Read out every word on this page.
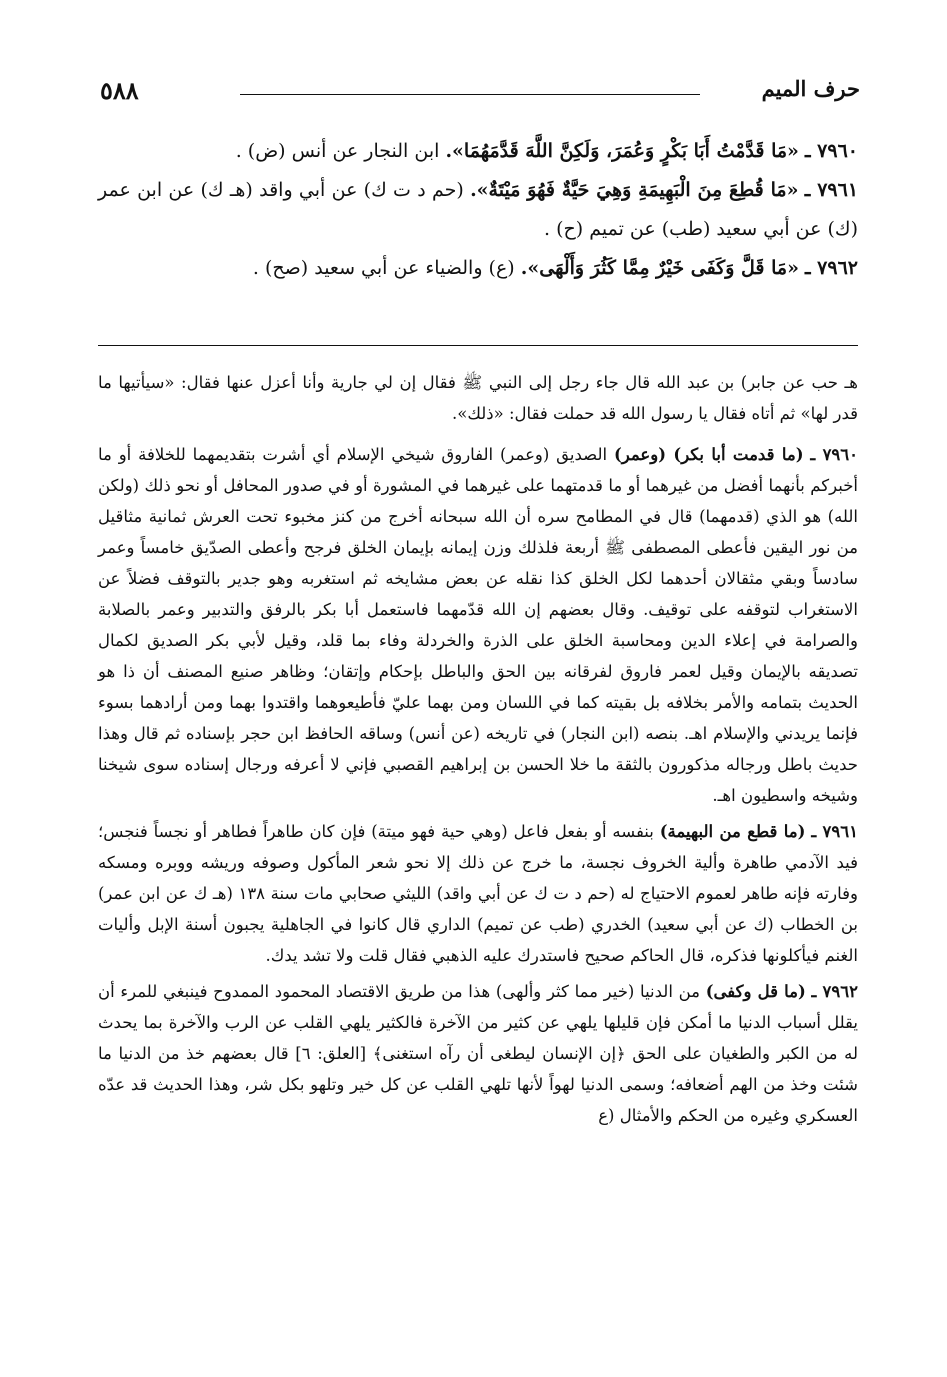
حرف الميم
٥٨٨

٧٩٦٠ ـ «مَا قَدَّمْتُ أَبَا بَكْرٍ وَعُمَرَ، وَلَكِنَّ اللَّهَ قَدَّمَهُمَا». ابن النجار عن أنس (ض) .

٧٩٦١ ـ «مَا قُطِعَ مِنَ الْبَهِيمَةِ وَهِيَ حَيَّةٌ فَهُوَ مَيْتَةٌ». (حم د ت ك) عن أبي واقد (هـ ك) عن ابن عمر (ك) عن أبي سعيد (طب) عن تميم (ح) .

٧٩٦٢ ـ «مَا قَلَّ وَكَفَى خَيْرٌ مِمَّا كَثُرَ وَأَلْهَى». (ع) والضياء عن أبي سعيد (صح) .

هـ حب عن جابر) بن عبد الله قال جاء رجل إلى النبي ﷺ فقال إن لي جارية وأنا أعزل عنها فقال: «سيأتيها ما قدر لها» ثم أتاه فقال يا رسول الله قد حملت فقال: «ذلك».

٧٩٦٠ ـ (ما قدمت أبا بكر) (وعمر) الصديق (وعمر) الفاروق شيخي الإسلام أي أشرت بتقديمهما للخلافة أو ما أخبركم بأنهما أفضل من غيرهما أو ما قدمتهما على غيرهما في المشورة أو في صدور المحافل أو نحو ذلك (ولكن الله) هو الذي (قدمهما) قال في المطامح سره أن الله سبحانه أخرج من كنز مخبوء تحت العرش ثمانية مثاقيل من نور اليقين فأعطى المصطفى ﷺ أربعة فلذلك وزن إيمانه بإيمان الخلق فرجح وأعطى الصدّيق خامساً وعمر سادساً وبقي مثقالان أحدهما لكل الخلق كذا نقله عن بعض مشايخه ثم استغربه وهو جدير بالتوقف فضلاً عن الاستغراب لتوقفه على توقيف. وقال بعضهم إن الله قدّمهما فاستعمل أبا بكر بالرفق والتدبير وعمر بالصلابة والصرامة في إعلاء الدين ومحاسبة الخلق على الذرة والخردلة وفاء بما قلد، وقيل لأبي بكر الصديق لكمال تصديقه بالإيمان وقيل لعمر فاروق لفرقانه بين الحق والباطل بإحكام وإتقان؛ وظاهر صنيع المصنف أن ذا هو الحديث بتمامه والأمر بخلافه بل بقيته كما في اللسان ومن بهما عليّ فأطيعوهما واقتدوا بهما ومن أرادهما بسوء فإنما يريدني والإسلام اهـ. بنصه (ابن النجار) في تاريخه (عن أنس) وساقه الحافظ ابن حجر بإسناده ثم قال وهذا حديث باطل ورجاله مذكورون بالثقة ما خلا الحسن بن إبراهيم القصبي فإني لا أعرفه ورجال إسناده سوى شيخنا وشيخه واسطيون اهـ.

٧٩٦١ ـ (ما قطع من البهيمة) بنفسه أو بفعل فاعل (وهي حية فهو ميتة) فإن كان طاهراً فطاهر أو نجساً فنجس؛ فيد الآدمي طاهرة وألية الخروف نجسة، ما خرج عن ذلك إلا نحو شعر المأكول وصوفه وريشه ووبره ومسكه وفارته فإنه طاهر لعموم الاحتياج له (حم د ت ك عن أبي واقد) الليثي صحابي مات سنة ١٣٨ (هـ ك عن ابن عمر) بن الخطاب (ك عن أبي سعيد) الخدري (طب عن تميم) الداري قال كانوا في الجاهلية يجبون أسنة الإبل وأليات الغنم فيأكلونها فذكره، قال الحاكم صحيح فاستدرك عليه الذهبي فقال قلت ولا تشد يدك.

٧٩٦٢ ـ (ما قل وكفى) من الدنيا (خير مما كثر وألهى) هذا من طريق الاقتصاد المحمود الممدوح فينبغي للمرء أن يقلل أسباب الدنيا ما أمكن فإن قليلها يلهي عن كثير من الآخرة فالكثير يلهي القلب عن الرب والآخرة بما يحدث له من الكبر والطغيان على الحق ﴿إن الإنسان ليطغى أن رآه استغنى﴾ [العلق: ٦] قال بعضهم خذ من الدنيا ما شئت وخذ من الهم أضعافه؛ وسمى الدنيا لهواً لأنها تلهي القلب عن كل خير وتلهو بكل شر، وهذا الحديث قد عدّه العسكري وغيره من الحكم والأمثال (ع
